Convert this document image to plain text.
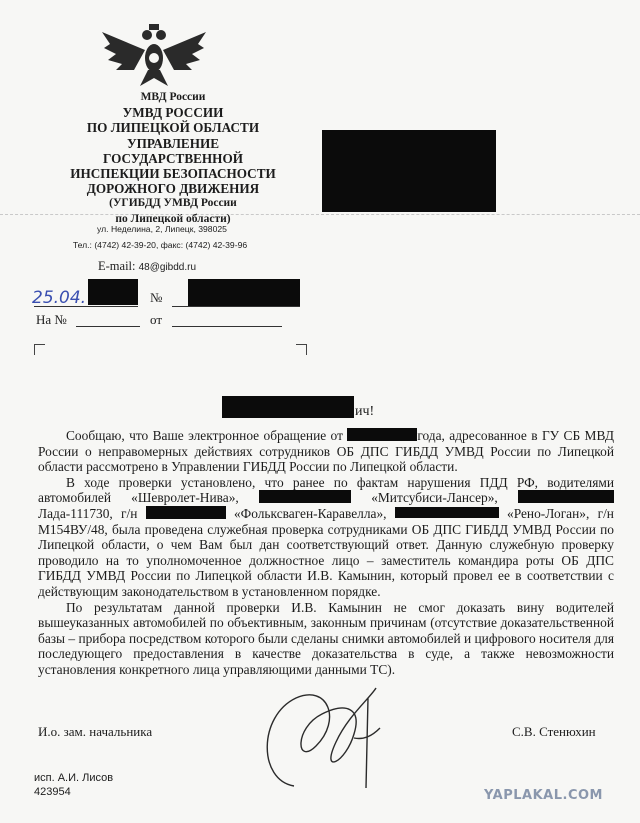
МВД России
УМВД РОССИИ
ПО ЛИПЕЦКОЙ ОБЛАСТИ
УПРАВЛЕНИЕ ГОСУДАРСТВЕННОЙ
ИНСПЕКЦИИ БЕЗОПАСНОСТИ
ДОРОЖНОГО ДВИЖЕНИЯ
(УГИБДД УМВД России
по Липецкой области)
ул. Неделина, 2, Липецк, 398025
Тел.: (4742) 42-39-20, факс: (4742) 42-39-96
E-mail: 48@gibdd.ru
25.04.	№
На №	от
ич!

Сообщаю, что Ваше электронное обращение от	года, адресованное в ГУ СБ МВД России о неправомерных действиях сотрудников ОБ ДПС ГИБДД УМВД России по Липецкой области рассмотрено в Управлении ГИБДД России по Липецкой области.

В ходе проверки установлено, что ранее по фактам нарушения ПДД РФ, водителями автомобилей «Шевролет-Нива»,	«Митсубиси-Лансер»,  Лада-111730, г/н	«Фольксваген-Каравелла»,	«Рено-Логан», г/н М154ВУ/48, была проведена служебная проверка сотрудниками ОБ ДПС ГИБДД УМВД России по Липецкой области, о чем Вам был дан соответствующий ответ. Данную служебную проверку проводило на то уполномоченное должностное лицо – заместитель командира роты ОБ ДПС ГИБДД УМВД России по Липецкой области И.В. Камынин, который провел ее в соответствии с действующим законодательством в установленном порядке.

По результатам данной проверки И.В. Камынин не смог доказать вину водителей вышеуказанных автомобилей по объективным, законным причинам (отсутствие доказательственной базы – прибора посредством которого были сделаны снимки автомобилей и цифрового носителя для последующего предоставления в качестве доказательства в суде, а также невозможности установления конкретного лица управляющими данными ТС).

И.о. зам. начальника	С.В. Стенюхин
исп. А.И. Лисов
423954	YAPLAKAL.COM
